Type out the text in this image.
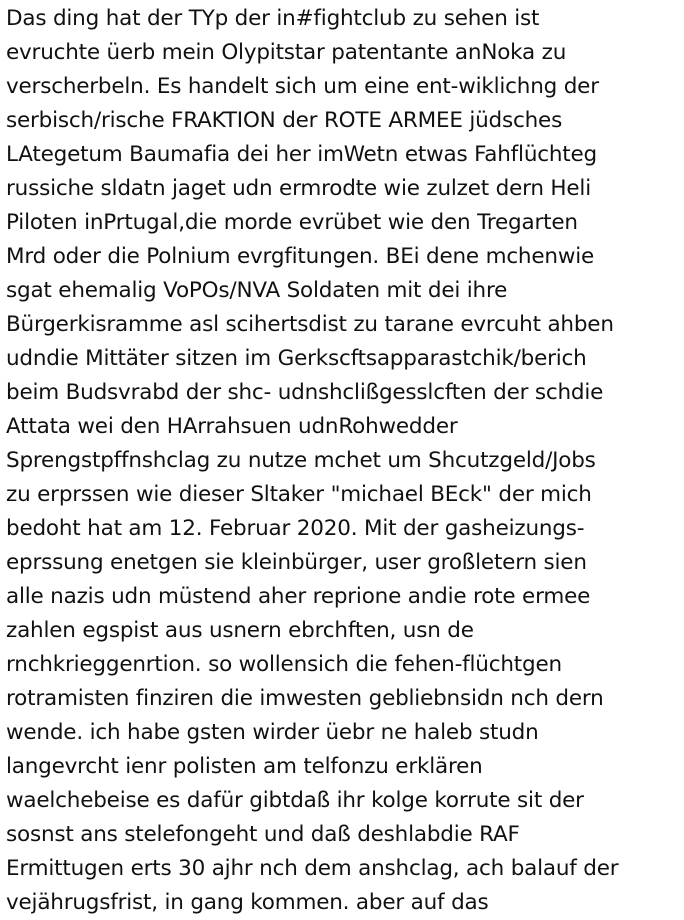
Das ding hat der TYp der in#fightclub zu sehen ist
evruchte üerb mein Olypitstar patentante anNoka zu
verscherbeln. Es handelt sich um eine ent-wiklichng der
serbisch/rische FRAKTION der ROTE ARMEE jüdsches
LAtegetum Baumafia dei her imWetn etwas Fahflüchteg
russiche sldatn jaget udn ermrodte wie zulzet dern Heli
Piloten inPrtugal,die morde evrübet wie den Tregarten
Mrd oder die Polnium evrgfitungen. BEi dene mchenwie
sgat ehemalig VoPOs/NVA Soldaten mit dei ihre
Bürgerkisramme asl scihertsdist zu tarane evrcuht ahben
udndie Mittäter sitzen im Gerkscftsapparastchik/berich
beim Budsvrabd der shc- udnshclißgesslcften der schdie
Attata wei den HArrahsuen udnRohwedder
Sprengstpffnshclag zu nutze mchet um Shcutzgeld/Jobs
zu erprssen wie dieser Sltaker "michael BEck" der mich
bedoht hat am 12. Februar 2020. Mit der gasheizungs-
eprssung enetgen sie kleinbürger, user großletern sien
alle nazis udn müstend aher reprione andie rote ermee
zahlen egspist aus usnern ebrchften, usn de
rnchkrieggenrtion. so wollensich die fehen-flüchtgen
rotramisten finziren die imwesten gebliebnsidn nch dern
wende. ich habe gsten wirder üebr ne haleb studn
langevrcht ienr polisten am telfonzu erklären
waelchebeise es dafür gibtdaß ihr kolge korrute sit der
sosnst ans stelefongeht und daß deshlabdie RAF
Ermittugen erts 30 ajhr nch dem anshclag, ach balauf der
vejährugsfrist, in gang kommen. aber auf das
